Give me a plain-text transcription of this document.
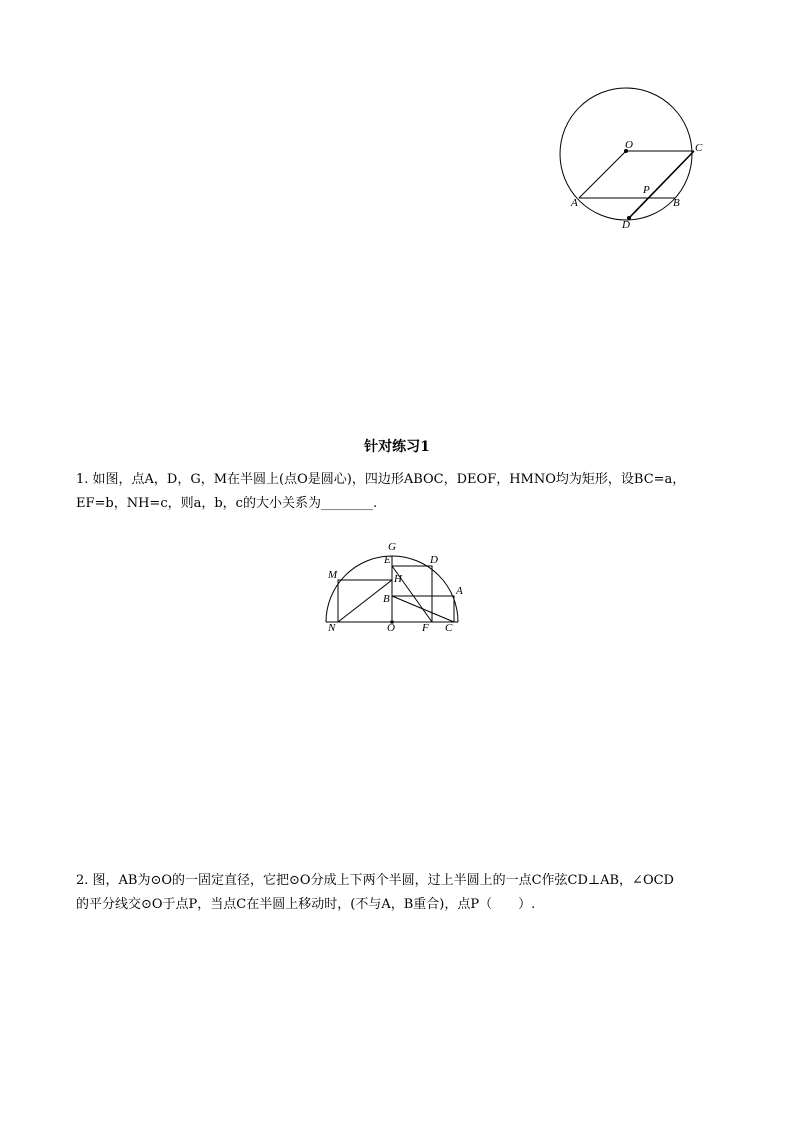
O	C
P
A	B
D
针对练习1
1. 如图，点A，D，G，M在半圆上(点O是圆心)，四边形ABOC，DEOF，HMNO均为矩形，设BC=a，
EF=b，NH=c，则a，b，c的大小关系为________.
G
E	D
M	H
A
B
N	O F C
2. 图，AB为⊙O的一固定直径，它把⊙O分成上下两个半圆，过上半圆上的一点C作弦CD⊥AB，∠OCD
的平分线交⊙O于点P，当点C在半圆上移动时，(不与A，B重合)，点P（　　）.
